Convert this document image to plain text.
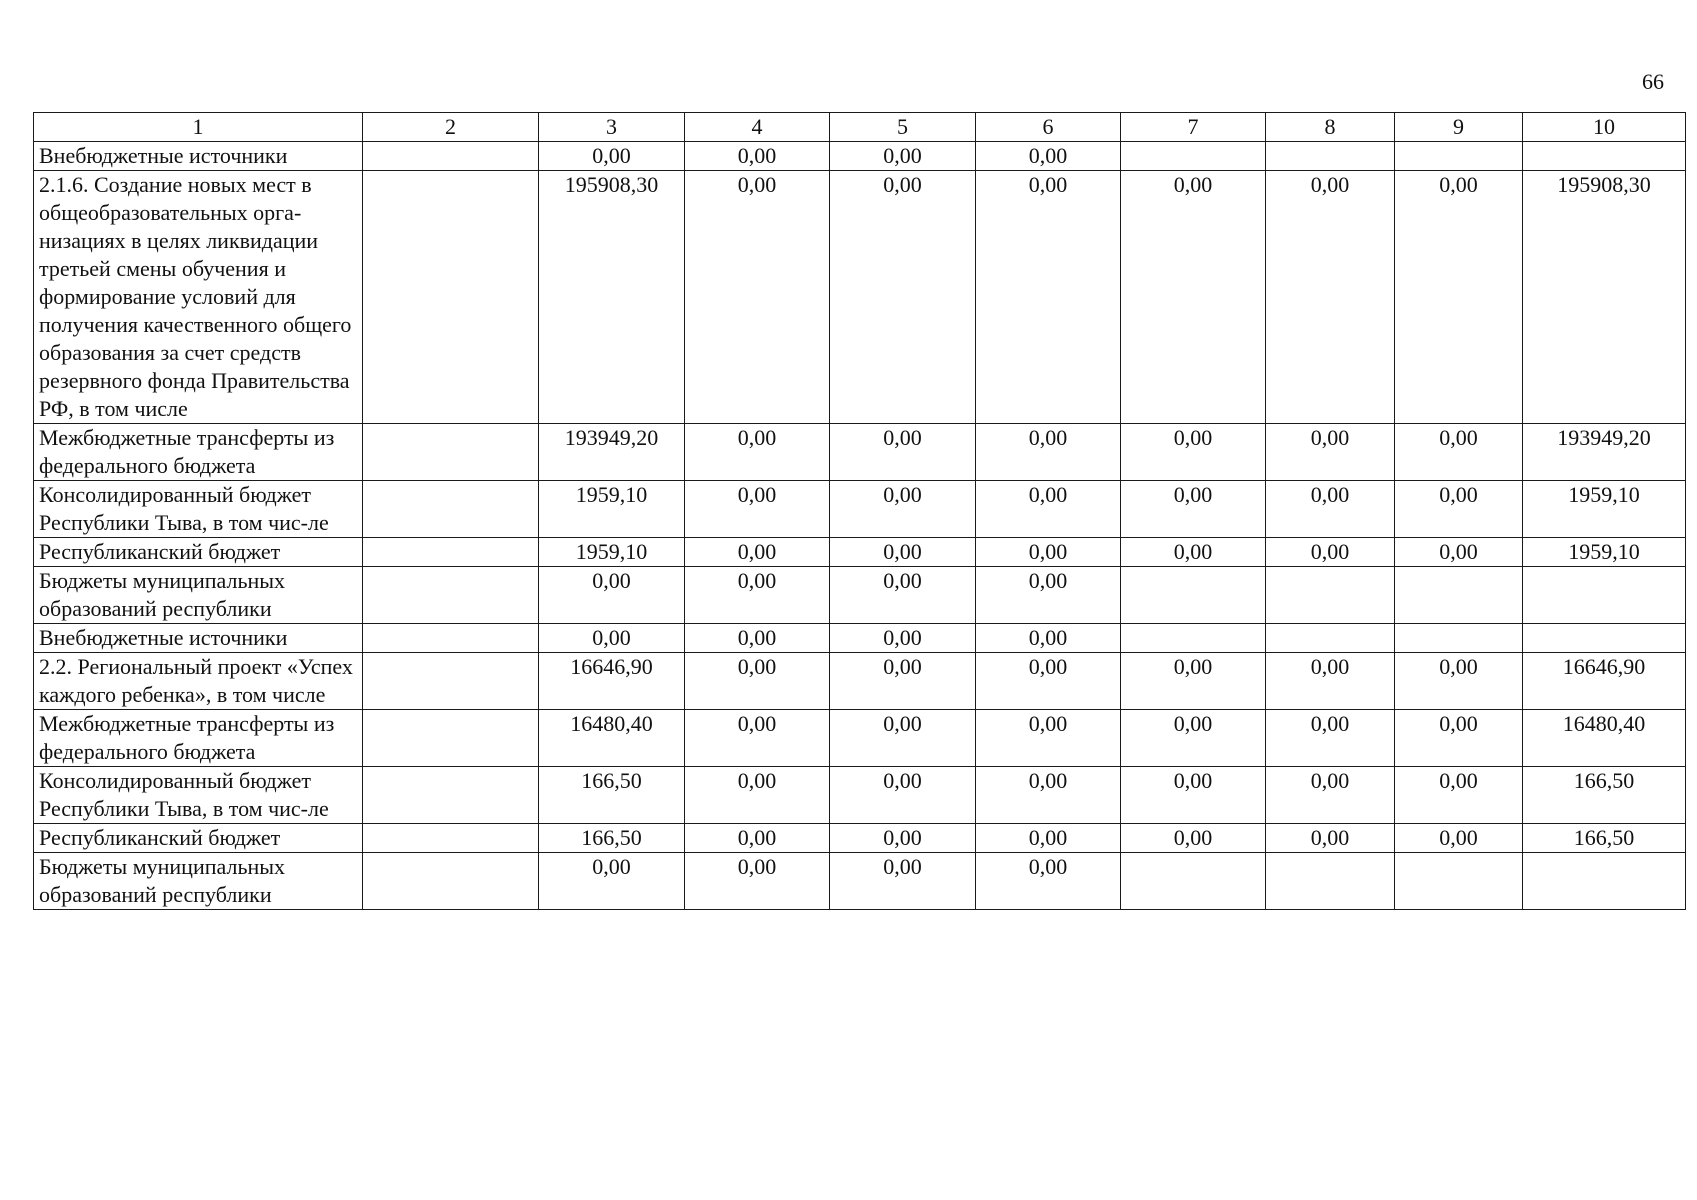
66
1	2	3	4	5	6	7	8	9	10
Внебюджетные источники		0,00	0,00	0,00	0,00				
2.1.6. Создание новых мест в общеобразовательных орга-низациях в целях ликвидации третьей смены обучения и формирование условий для получения качественного общего образования за счет средств резервного фонда Правительства РФ, в том числе		195908,30	0,00	0,00	0,00	0,00	0,00	0,00	195908,30
Межбюджетные трансферты из федерального бюджета		193949,20	0,00	0,00	0,00	0,00	0,00	0,00	193949,20
Консолидированный бюджет Республики Тыва, в том чис-ле		1959,10	0,00	0,00	0,00	0,00	0,00	0,00	1959,10
Республиканский бюджет		1959,10	0,00	0,00	0,00	0,00	0,00	0,00	1959,10
Бюджеты муниципальных образований республики		0,00	0,00	0,00	0,00				
Внебюджетные источники		0,00	0,00	0,00	0,00				
2.2. Региональный проект «Успех каждого ребенка», в том числе		16646,90	0,00	0,00	0,00	0,00	0,00	0,00	16646,90
Межбюджетные трансферты из федерального бюджета		16480,40	0,00	0,00	0,00	0,00	0,00	0,00	16480,40
Консолидированный бюджет Республики Тыва, в том чис-ле		166,50	0,00	0,00	0,00	0,00	0,00	0,00	166,50
Республиканский бюджет		166,50	0,00	0,00	0,00	0,00	0,00	0,00	166,50
Бюджеты муниципальных образований республики		0,00	0,00	0,00	0,00				
